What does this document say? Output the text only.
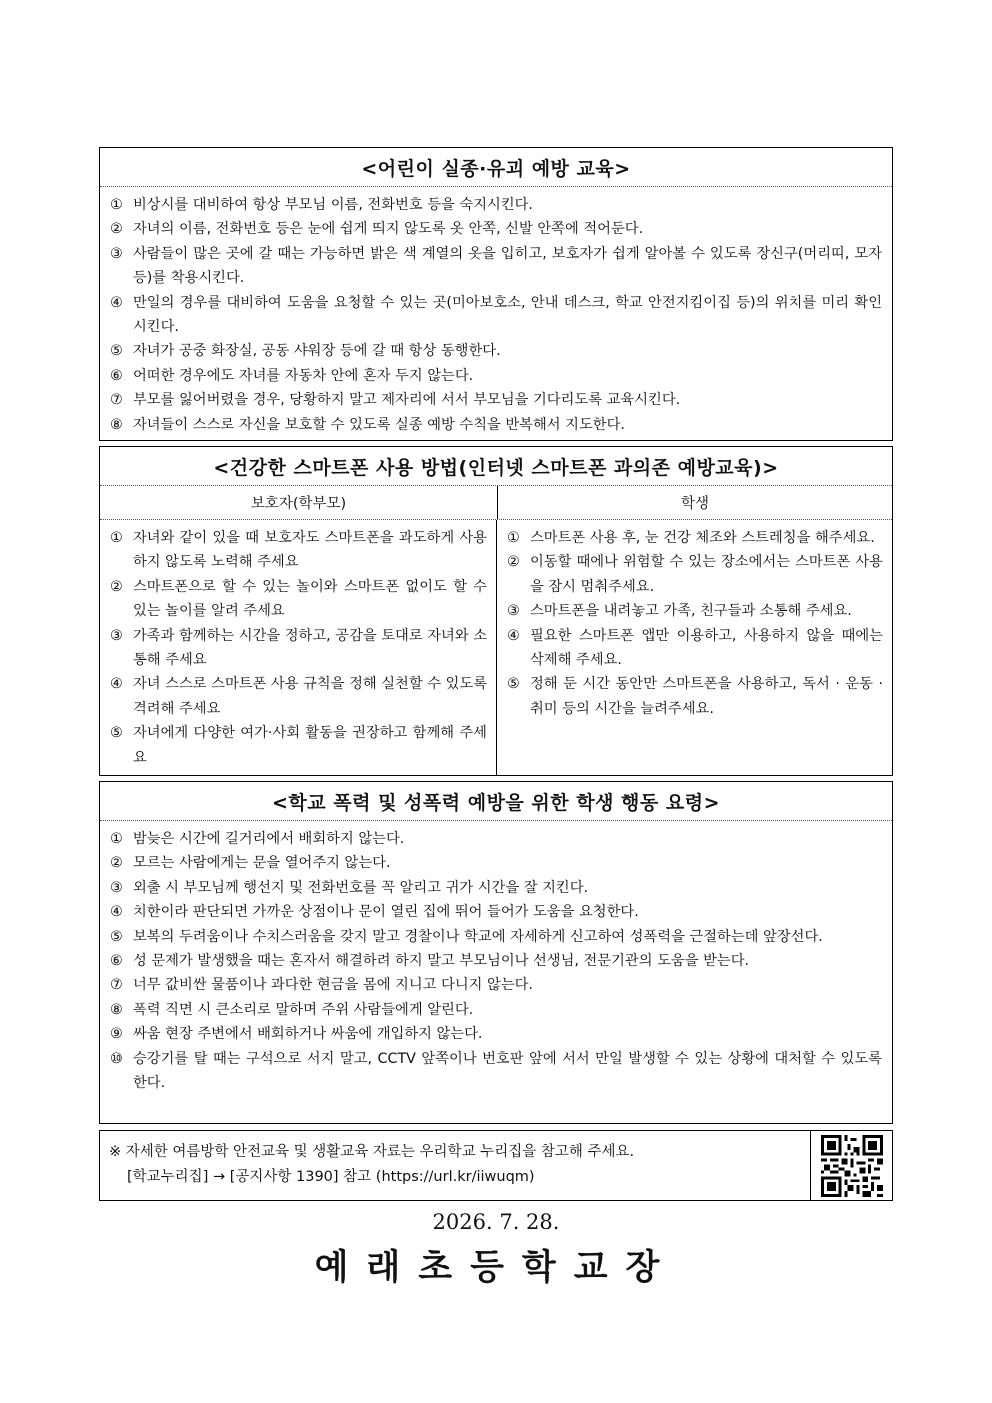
<어린이 실종·유괴 예방 교육>
① 비상시를 대비하여 항상 부모님 이름, 전화번호 등을 숙지시킨다.
② 자녀의 이름, 전화번호 등은 눈에 쉽게 띄지 않도록 옷 안쪽, 신발 안쪽에 적어둔다.
③ 사람들이 많은 곳에 갈 때는 가능하면 밝은 색 계열의 옷을 입히고, 보호자가 쉽게 알아볼 수 있도록 장신구(머리띠, 모자 등)를 착용시킨다.
④ 만일의 경우를 대비하여 도움을 요청할 수 있는 곳(미아보호소, 안내 데스크, 학교 안전지킴이집 등)의 위치를 미리 확인시킨다.
⑤ 자녀가 공중 화장실, 공동 샤워장 등에 갈 때 항상 동행한다.
⑥ 어떠한 경우에도 자녀를 자동차 안에 혼자 두지 않는다.
⑦ 부모를 잃어버렸을 경우, 당황하지 말고 제자리에 서서 부모님을 기다리도록 교육시킨다.
⑧ 자녀들이 스스로 자신을 보호할 수 있도록 실종 예방 수칙을 반복해서 지도한다.
<건강한 스마트폰 사용 방법(인터넷 스마트폰 과의존 예방교육)>
보호자(학부모)	학생
① 자녀와 같이 있을 때 보호자도 스마트폰을 과도하게 사용하지 않도록 노력해 주세요
② 스마트폰으로 할 수 있는 놀이와 스마트폰 없이도 할 수 있는 놀이를 알려 주세요
③ 가족과 함께하는 시간을 정하고, 공감을 토대로 자녀와 소통해 주세요
④ 자녀 스스로 스마트폰 사용 규칙을 정해 실천할 수 있도록 격려해 주세요
⑤ 자녀에게 다양한 여가·사회 활동을 권장하고 함께해 주세요
① 스마트폰 사용 후, 눈 건강 체조와 스트레칭을 해주세요.
② 이동할 때에나 위험할 수 있는 장소에서는 스마트폰 사용을 잠시 멈춰주세요.
③ 스마트폰을 내려놓고 가족, 친구들과 소통해 주세요.
④ 필요한 스마트폰 앱만 이용하고, 사용하지 않을 때에는 삭제해 주세요.
⑤ 정해 둔 시간 동안만 스마트폰을 사용하고, 독서 · 운동 · 취미 등의 시간을 늘려주세요.
<학교 폭력 및 성폭력 예방을 위한 학생 행동 요령>
① 밤늦은 시간에 길거리에서 배회하지 않는다.
② 모르는 사람에게는 문을 열어주지 않는다.
③ 외출 시 부모님께 행선지 및 전화번호를 꼭 알리고 귀가 시간을 잘 지킨다.
④ 치한이라 판단되면 가까운 상점이나 문이 열린 집에 뛰어 들어가 도움을 요청한다.
⑤ 보복의 두려움이나 수치스러움을 갖지 말고 경찰이나 학교에 자세하게 신고하여 성폭력을 근절하는데 앞장선다.
⑥ 성 문제가 발생했을 때는 혼자서 해결하려 하지 말고 부모님이나 선생님, 전문기관의 도움을 받는다.
⑦ 너무 값비싼 물품이나 과다한 현금을 몸에 지니고 다니지 않는다.
⑧ 폭력 직면 시 큰소리로 말하며 주위 사람들에게 알린다.
⑨ 싸움 현장 주변에서 배회하거나 싸움에 개입하지 않는다.
⑩ 승강기를 탈 때는 구석으로 서지 말고, CCTV 앞쪽이나 번호판 앞에 서서 만일 발생할 수 있는 상황에 대처할 수 있도록 한다.
※ 자세한 여름방학 안전교육 및 생활교육 자료는 우리학교 누리집을 참고해 주세요.
[학교누리집] → [공지사항 1390] 참고 (https://url.kr/iiwuqm)
2026. 7. 28.
예래초등학교장
